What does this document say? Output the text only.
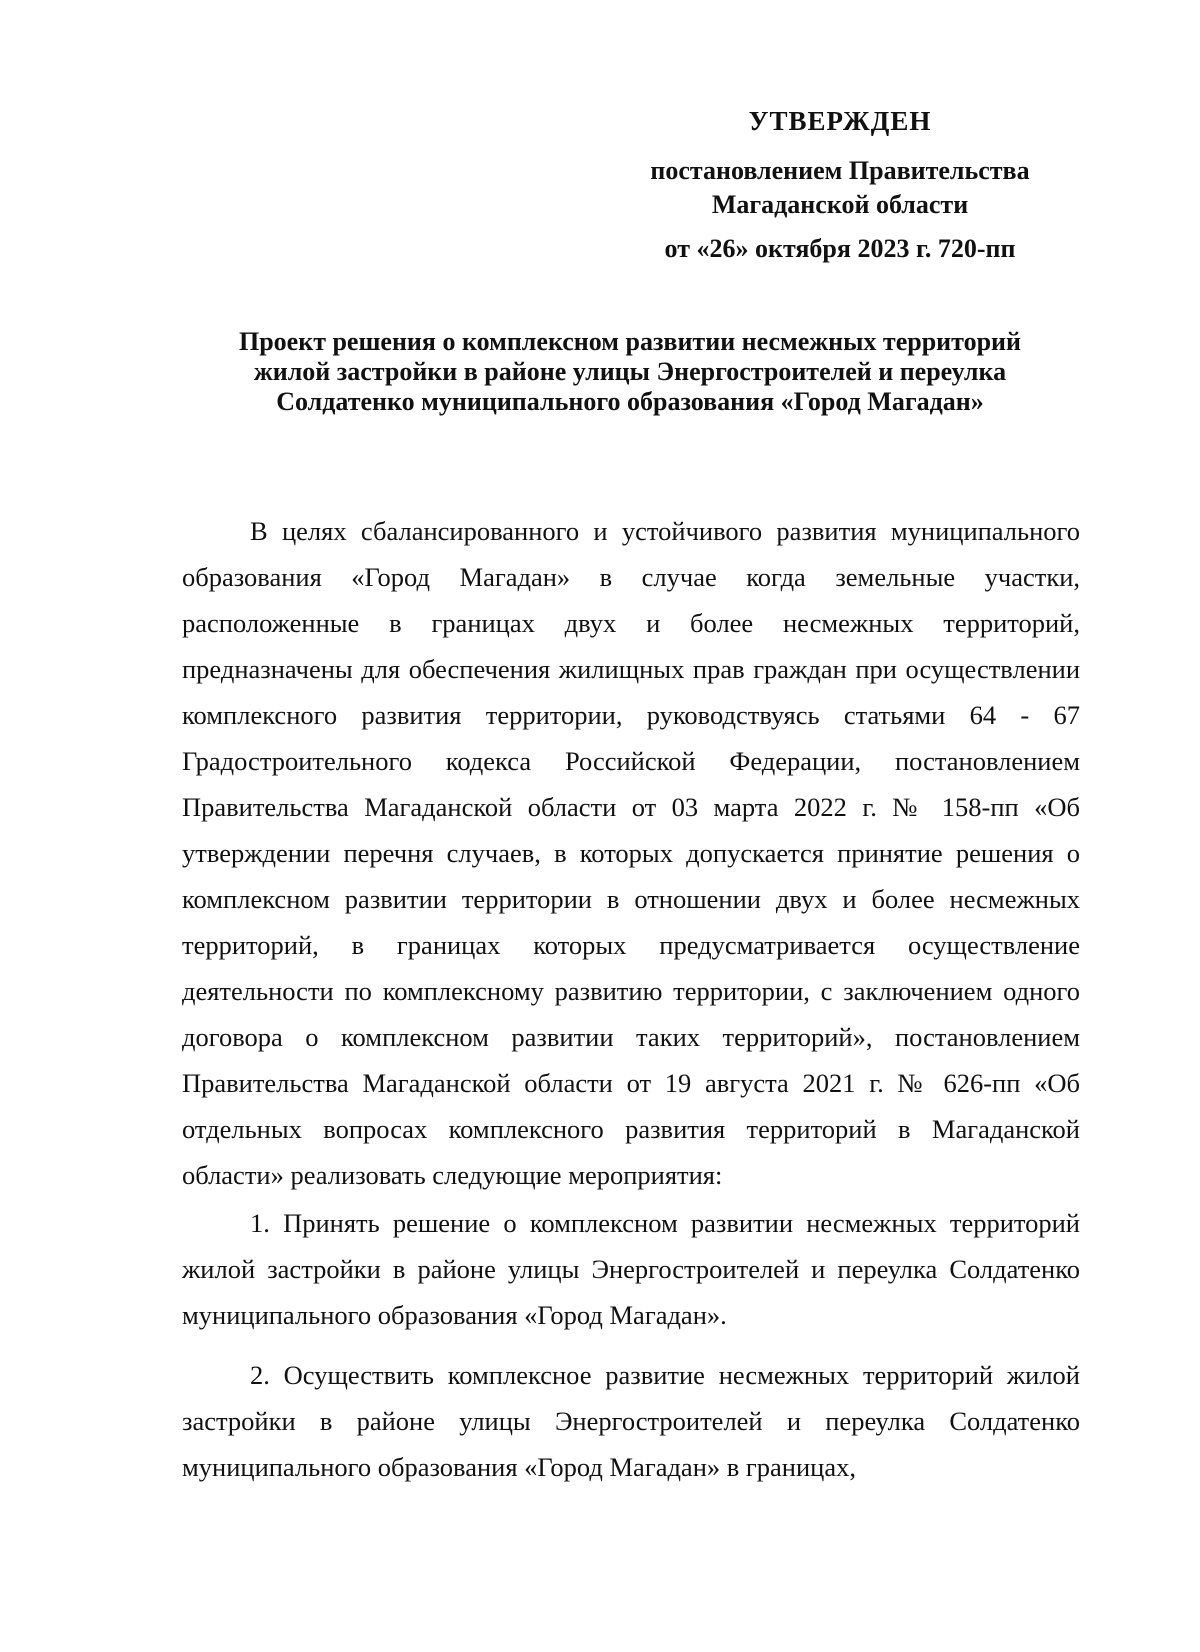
УТВЕРЖДЕН
постановлением Правительства
Магаданской области
от «26» октября 2023 г. 720-пп
Проект решения о комплексном развитии несмежных территорий
жилой застройки в районе улицы Энергостроителей и переулка
Солдатенко муниципального образования «Город Магадан»

В целях сбалансированного и устойчивого развития муниципального образования «Город Магадан» в случае когда земельные участки, расположенные в границах двух и более несмежных территорий, предназначены для обеспечения жилищных прав граждан при осуществлении комплексного развития территории, руководствуясь статьями 64 - 67 Градостроительного кодекса Российской Федерации, постановлением Правительства Магаданской области от 03 марта 2022 г. № 158-пп «Об утверждении перечня случаев, в которых допускается принятие решения о комплексном развитии территории в отношении двух и более несмежных территорий, в границах которых предусматривается осуществление деятельности по комплексному развитию территории, с заключением одного договора о комплексном развитии таких территорий», постановлением Правительства Магаданской области от 19 августа 2021 г. № 626-пп «Об отдельных вопросах комплексного развития территорий в Магаданской области» реализовать следующие мероприятия:

1. Принять решение о комплексном развитии несмежных территорий жилой застройки в районе улицы Энергостроителей и переулка Солдатенко муниципального образования «Город Магадан».

2. Осуществить комплексное развитие несмежных территорий жилой застройки в районе улицы Энергостроителей и переулка Солдатенко муниципального образования «Город Магадан» в границах,
